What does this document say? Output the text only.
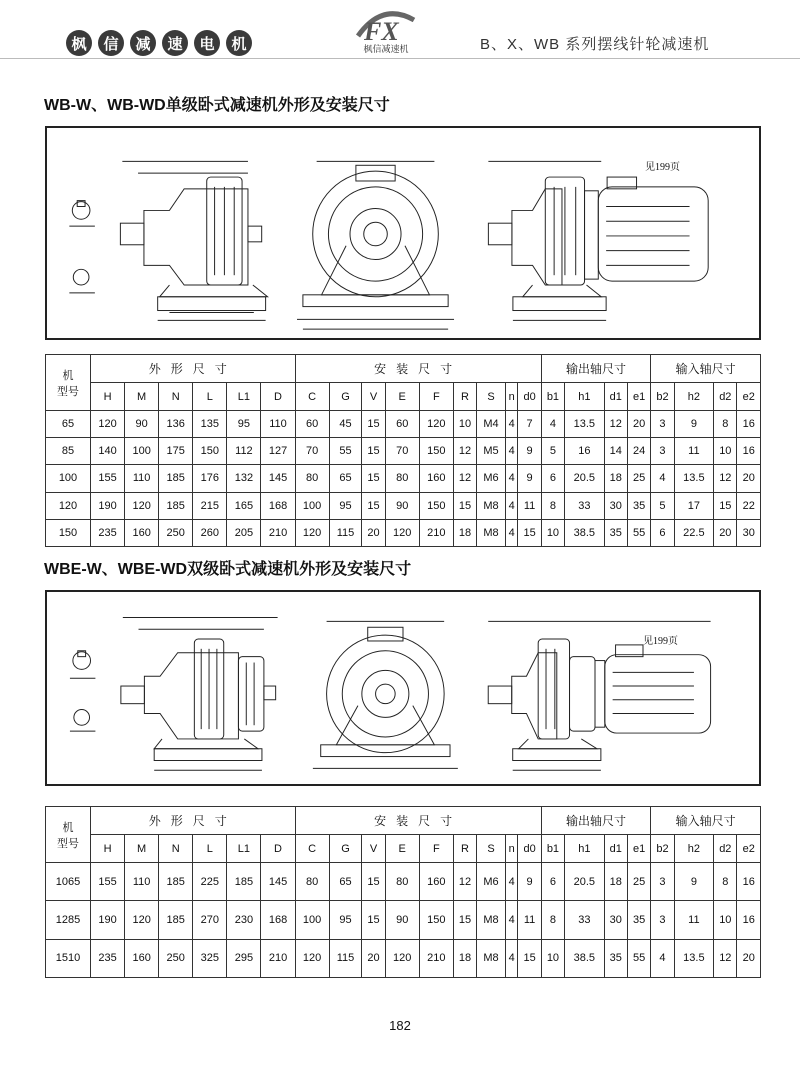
枫	信	减	速	电	机	FX
枫信减速机	B、X、WB 系列摆线针轮减速机
WB-W、WB-WD单级卧式减速机外形及安装尺寸
见199页
机
型号	外形尺寸						安装尺寸									输出轴尺寸				输入轴尺寸			
	H	M	N	L	L1	D	C	G	V	E	F	R	S	n	d0	b1	h1	d1	e1	b2	h2	d2	e2
65	120	90	136	135	95	110	60	45	15	60	120	10	M4	4	7	4	13.5	12	20	3	9	8	16
85	140	100	175	150	112	127	70	55	15	70	150	12	M5	4	9	5	16	14	24	3	11	10	16
100	155	110	185	176	132	145	80	65	15	80	160	12	M6	4	9	6	20.5	18	25	4	13.5	12	20
120	190	120	185	215	165	168	100	95	15	90	150	15	M8	4	11	8	33	30	35	5	17	15	22
150	235	160	250	260	205	210	120	115	20	120	210	18	M8	4	15	10	38.5	35	55	6	22.5	20	30
WBE-W、WBE-WD双级卧式减速机外形及安装尺寸
见199页
机
型号	外形尺寸						安装尺寸									输出轴尺寸				输入轴尺寸			
	H	M	N	L	L1	D	C	G	V	E	F	R	S	n	d0	b1	h1	d1	e1	b2	h2	d2	e2
1065	155	110	185	225	185	145	80	65	15	80	160	12	M6	4	9	6	20.5	18	25	3	9	8	16
1285	190	120	185	270	230	168	100	95	15	90	150	15	M8	4	11	8	33	30	35	3	11	10	16
1510	235	160	250	325	295	210	120	115	20	120	210	18	M8	4	15	10	38.5	35	55	4	13.5	12	20
182
